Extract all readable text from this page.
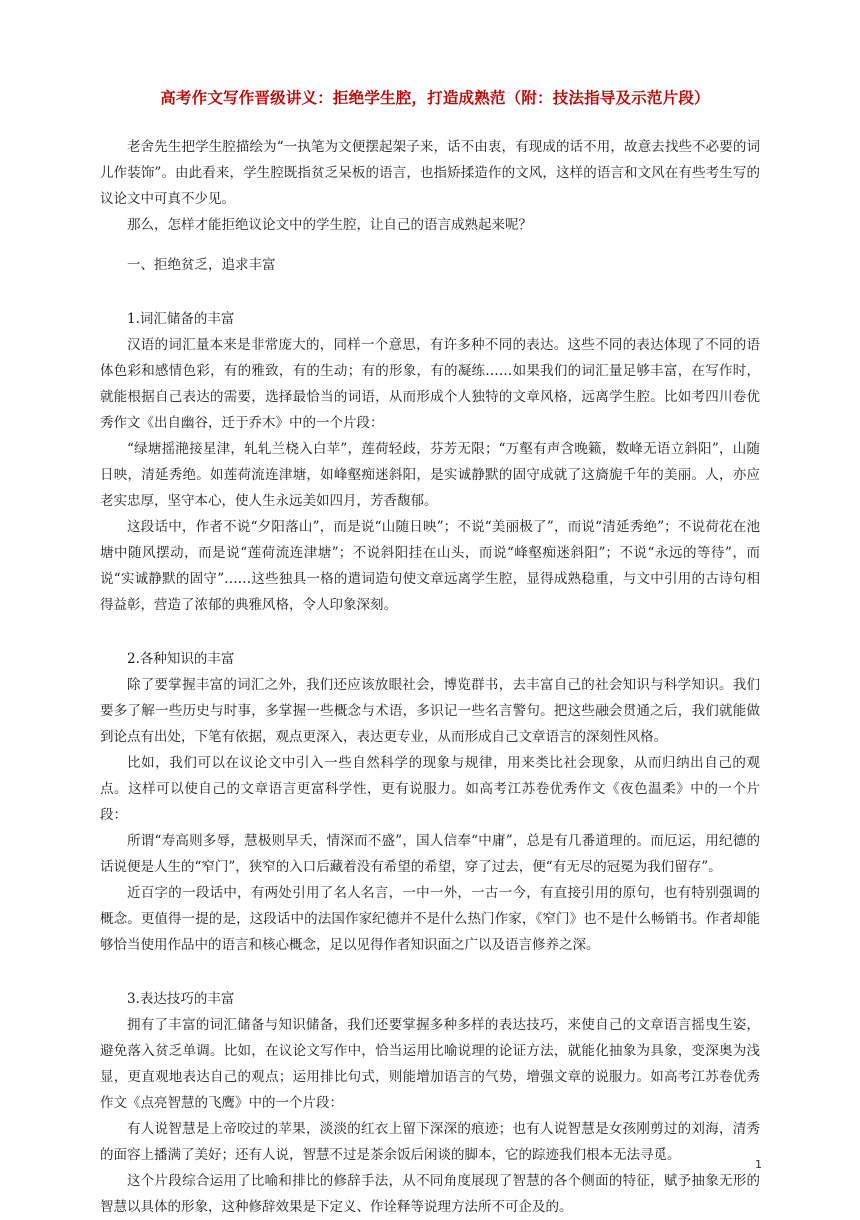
高考作文写作晋级讲义：拒绝学生腔，打造成熟范（附：技法指导及示范片段）

老舍先生把学生腔描绘为“一执笔为文便摆起架子来，话不由衷，有现成的话不用，故意去找些不必要的词儿作装饰”。由此看来，学生腔既指贫乏呆板的语言，也指矫揉造作的文风，这样的语言和文风在有些考生写的议论文中可真不少见。

那么，怎样才能拒绝议论文中的学生腔，让自己的语言成熟起来呢？

一、拒绝贫乏，追求丰富

1.词汇储备的丰富

汉语的词汇量本来是非常庞大的，同样一个意思，有许多种不同的表达。这些不同的表达体现了不同的语体色彩和感情色彩，有的雅致，有的生动；有的形象，有的凝练……如果我们的词汇量足够丰富，在写作时，就能根据自己表达的需要，选择最恰当的词语，从而形成个人独特的文章风格，远离学生腔。比如考四川卷优秀作文《出自幽谷，迁于乔木》中的一个片段：

“绿塘摇滟接星津，轧轧兰桡入白苹”，莲荷轻歧，芬芳无限；“万壑有声含晚籁，数峰无语立斜阳”，山随日映，清延秀绝。如莲荷流连津塘，如峰壑痴迷斜阳，是实诚静默的固守成就了这旖旎千年的美丽。人，亦应老实忠厚，坚守本心，使人生永远美如四月，芳香馥郁。

这段话中，作者不说“夕阳落山”，而是说“山随日映”；不说“美丽极了”，而说“清延秀绝”；不说荷花在池塘中随风摆动，而是说“莲荷流连津塘”；不说斜阳挂在山头，而说“峰壑痴迷斜阳”；不说“永远的等待”，而说“实诚静默的固守”……这些独具一格的遣词造句使文章远离学生腔，显得成熟稳重，与文中引用的古诗句相得益彰，营造了浓郁的典雅风格，令人印象深刻。

2.各种知识的丰富

除了要掌握丰富的词汇之外，我们还应该放眼社会，博览群书，去丰富自己的社会知识与科学知识。我们要多了解一些历史与时事，多掌握一些概念与术语，多识记一些名言警句。把这些融会贯通之后，我们就能做到论点有出处，下笔有依据，观点更深入，表达更专业，从而形成自己文章语言的深刻性风格。

比如，我们可以在议论文中引入一些自然科学的现象与规律，用来类比社会现象，从而归纳出自己的观点。这样可以使自己的文章语言更富科学性，更有说服力。如高考江苏卷优秀作文《夜色温柔》中的一个片段：

所谓“寿高则多辱，慧极则早夭，情深而不盛”，国人信奉“中庸”，总是有几番道理的。而厄运，用纪德的话说便是人生的“窄门”，狭窄的入口后藏着没有希望的希望，穿了过去，便“有无尽的冠冕为我们留存”。

近百字的一段话中，有两处引用了名人名言，一中一外，一古一今，有直接引用的原句，也有特别强调的概念。更值得一提的是，这段话中的法国作家纪德并不是什么热门作家，《窄门》也不是什么畅销书。作者却能够恰当使用作品中的语言和核心概念，足以见得作者知识面之广以及语言修养之深。

3.表达技巧的丰富

拥有了丰富的词汇储备与知识储备，我们还要掌握多种多样的表达技巧，来使自己的文章语言摇曳生姿，避免落入贫乏单调。比如，在议论文写作中，恰当运用比喻说理的论证方法，就能化抽象为具象，变深奥为浅显，更直观地表达自己的观点；运用排比句式，则能增加语言的气势，增强文章的说服力。如高考江苏卷优秀作文《点亮智慧的飞鹰》中的一个片段：

有人说智慧是上帝咬过的苹果，淡淡的红衣上留下深深的痕迹；也有人说智慧是女孩刚剪过的刘海，清秀的面容上播满了美好；还有人说，智慧不过是茶余饭后闲谈的脚本，它的踪迹我们根本无法寻觅。

这个片段综合运用了比喻和排比的修辞手法，从不同角度展现了智慧的各个侧面的特征，赋予抽象无形的智慧以具体的形象，这种修辞效果是下定义、作诠释等说理方法所不可企及的。

1
